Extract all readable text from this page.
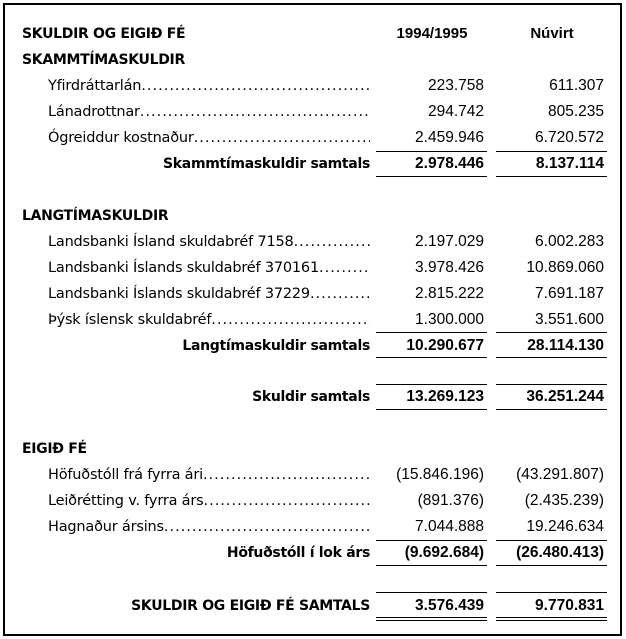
SKULDIR OG EIGIÐ FÉ	1994/1995	Núvirt
SKAMMTÍMASKULDIR
Yfirdráttarlán .....	223.758	611.307
Lánadrottnar .....	294.742	805.235
Ógreiddur kostnaður .....	2.459.946	6.720.572
Skammtímaskuldir samtals	2.978.446	8.137.114
LANGTÍMASKULDIR
Landsbanki Ísland skuldabréf 7158 .....	2.197.029	6.002.283
Landsbanki Íslands skuldabréf 370161 .....	3.978.426	10.869.060
Landsbanki Íslands skuldabréf 37229 .....	2.815.222	7.691.187
Þýsk íslensk skuldabréf .....	1.300.000	3.551.600
Langtímaskuldir samtals	10.290.677	28.114.130
Skuldir samtals	13.269.123	36.251.244
EIGIÐ FÉ
Höfuðstóll frá fyrra ári .....	(15.846.196)	(43.291.807)
Leiðrétting v. fyrra árs .....	(891.376)	(2.435.239)
Hagnaður ársins .....	7.044.888	19.246.634
Höfuðstóll í lok árs	(9.692.684)	(26.480.413)
SKULDIR OG EIGIÐ FÉ SAMTALS	3.576.439	9.770.831
